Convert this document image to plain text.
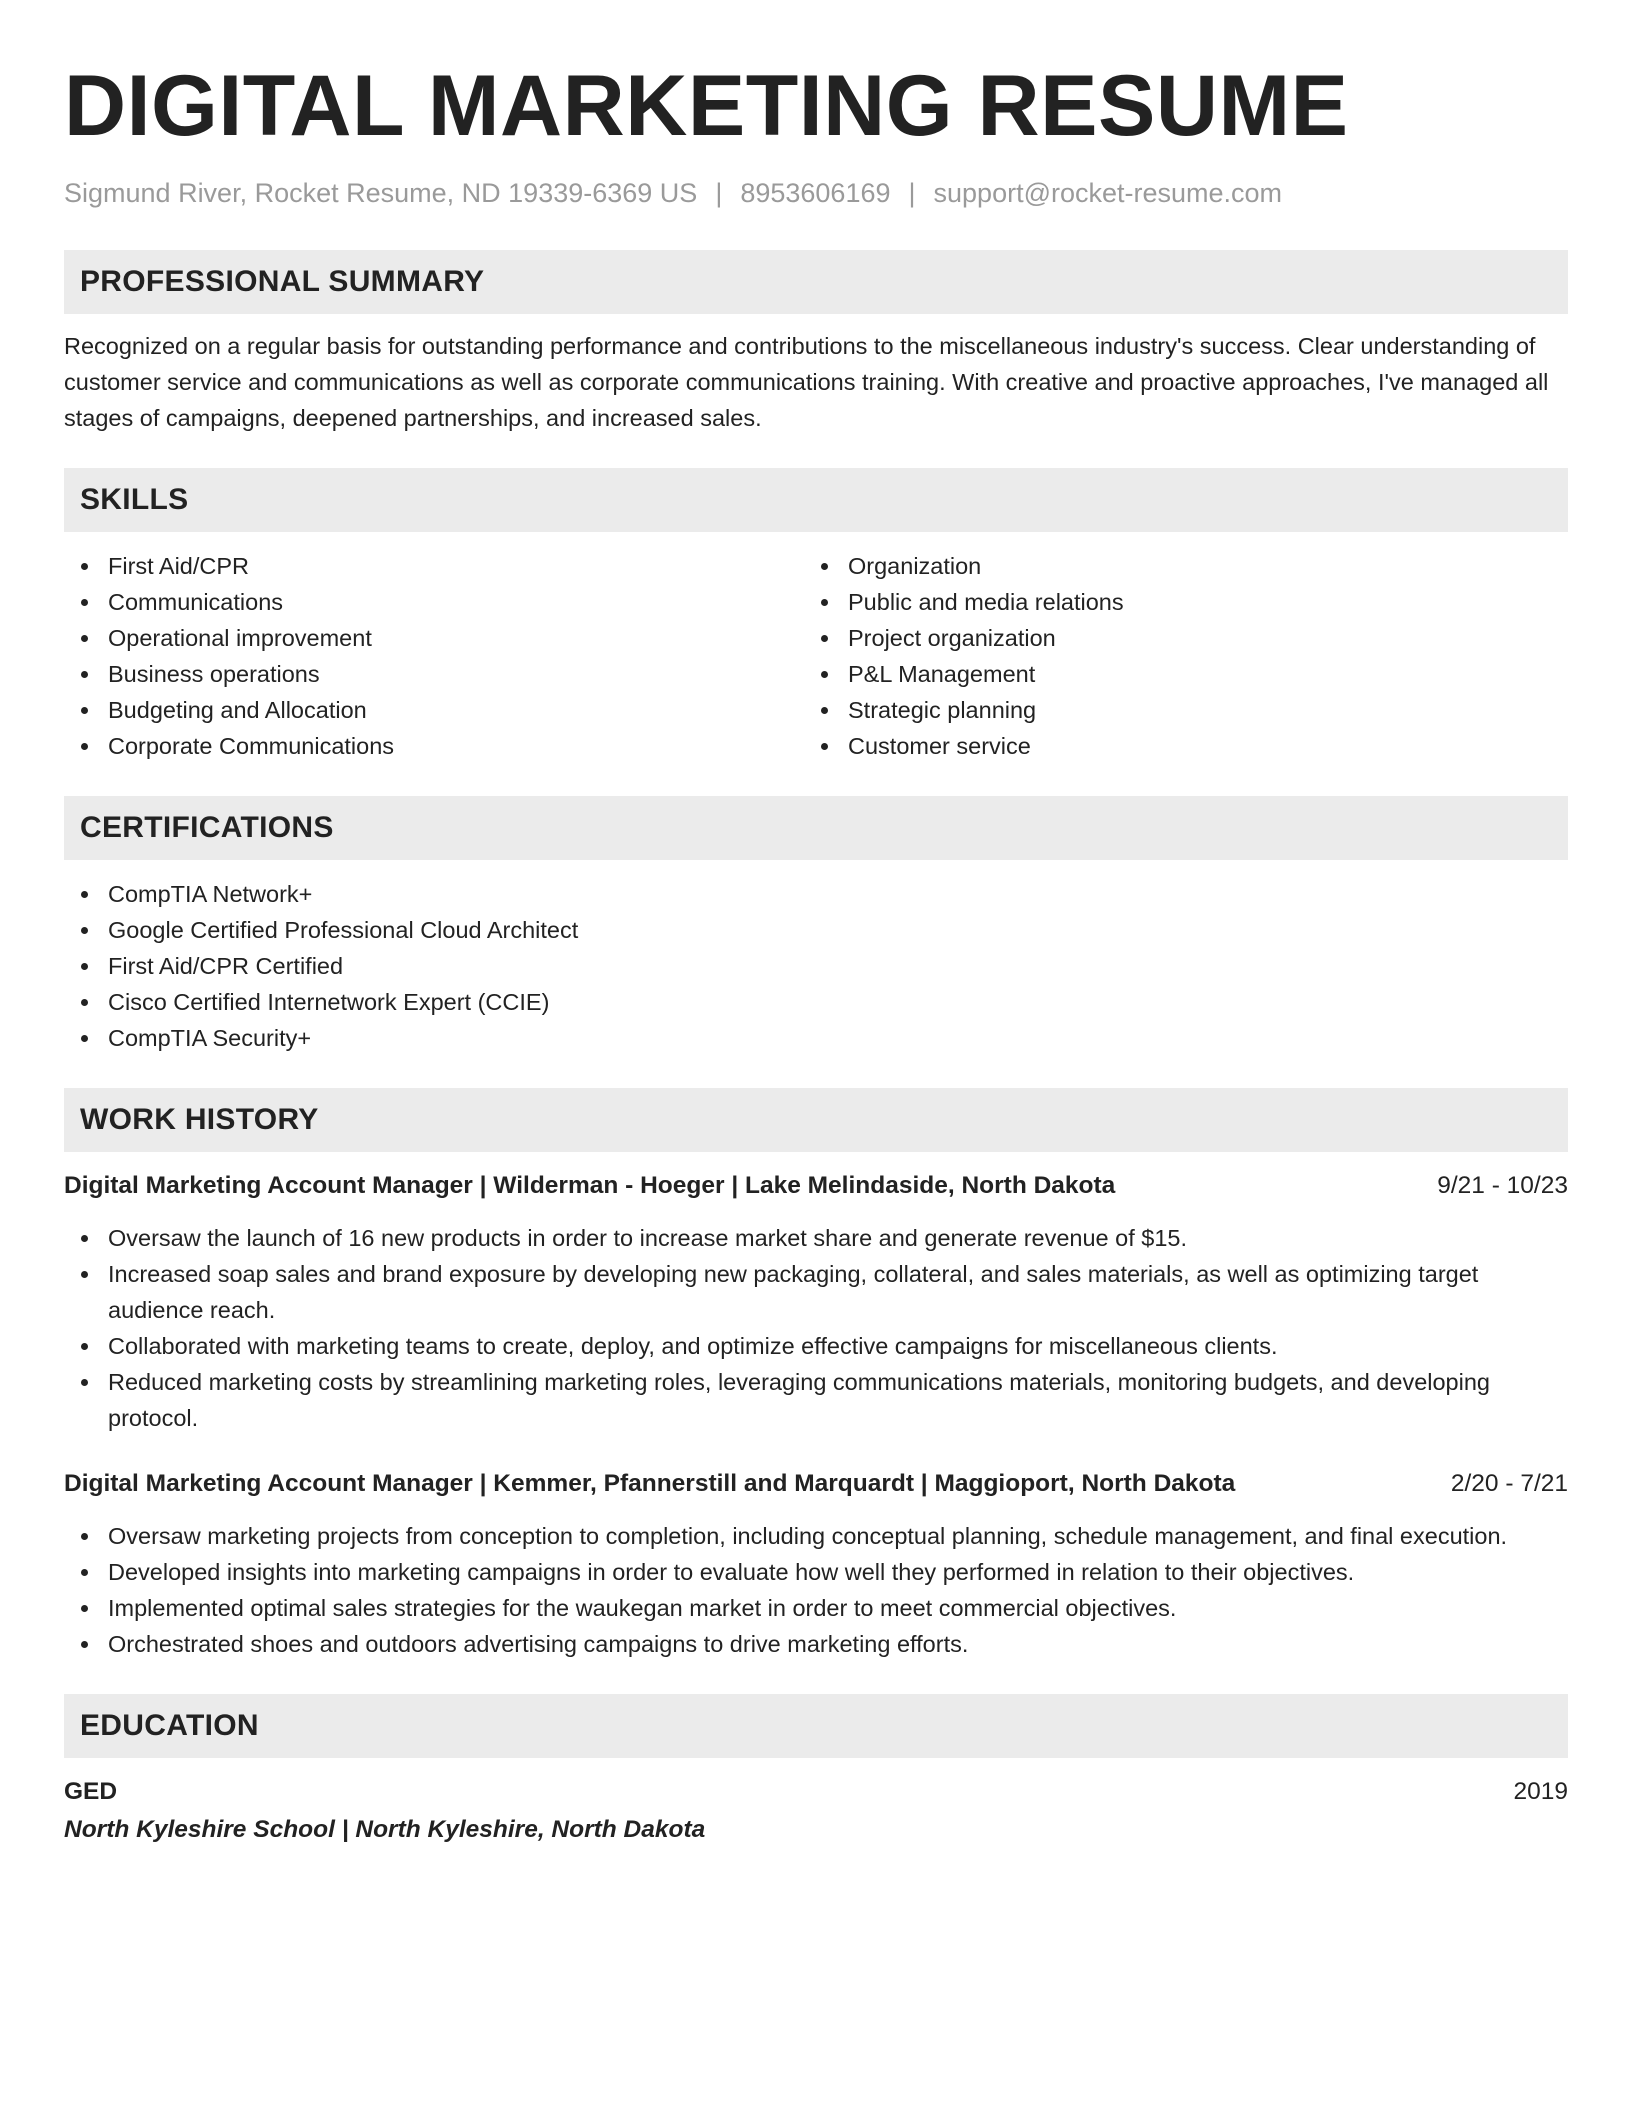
DIGITAL MARKETING RESUME
Sigmund River, Rocket Resume, ND 19339-6369 US | 8953606169 | support@rocket-resume.com
PROFESSIONAL SUMMARY

Recognized on a regular basis for outstanding performance and contributions to the miscellaneous industry's success. Clear understanding of customer service and communications as well as corporate communications training. With creative and proactive approaches, I've managed all stages of campaigns, deepened partnerships, and increased sales.

SKILLS
First Aid/CPR
Communications
Operational improvement
Business operations
Budgeting and Allocation
Corporate Communications
Organization
Public and media relations
Project organization
P&L Management
Strategic planning
Customer service
CERTIFICATIONS
CompTIA Network+
Google Certified Professional Cloud Architect
First Aid/CPR Certified
Cisco Certified Internetwork Expert (CCIE)
CompTIA Security+
WORK HISTORY
Digital Marketing Account Manager | Wilderman - Hoeger | Lake Melindaside, North Dakota	9/21 - 10/23
Oversaw the launch of 16 new products in order to increase market share and generate revenue of $15.
Increased soap sales and brand exposure by developing new packaging, collateral, and sales materials, as well as optimizing target audience reach.
Collaborated with marketing teams to create, deploy, and optimize effective campaigns for miscellaneous clients.
Reduced marketing costs by streamlining marketing roles, leveraging communications materials, monitoring budgets, and developing protocol.
Digital Marketing Account Manager | Kemmer, Pfannerstill and Marquardt | Maggioport, North Dakota	2/20 - 7/21
Oversaw marketing projects from conception to completion, including conceptual planning, schedule management, and final execution.
Developed insights into marketing campaigns in order to evaluate how well they performed in relation to their objectives.
Implemented optimal sales strategies for the waukegan market in order to meet commercial objectives.
Orchestrated shoes and outdoors advertising campaigns to drive marketing efforts.
EDUCATION
GED	2019
North Kyleshire School | North Kyleshire, North Dakota
